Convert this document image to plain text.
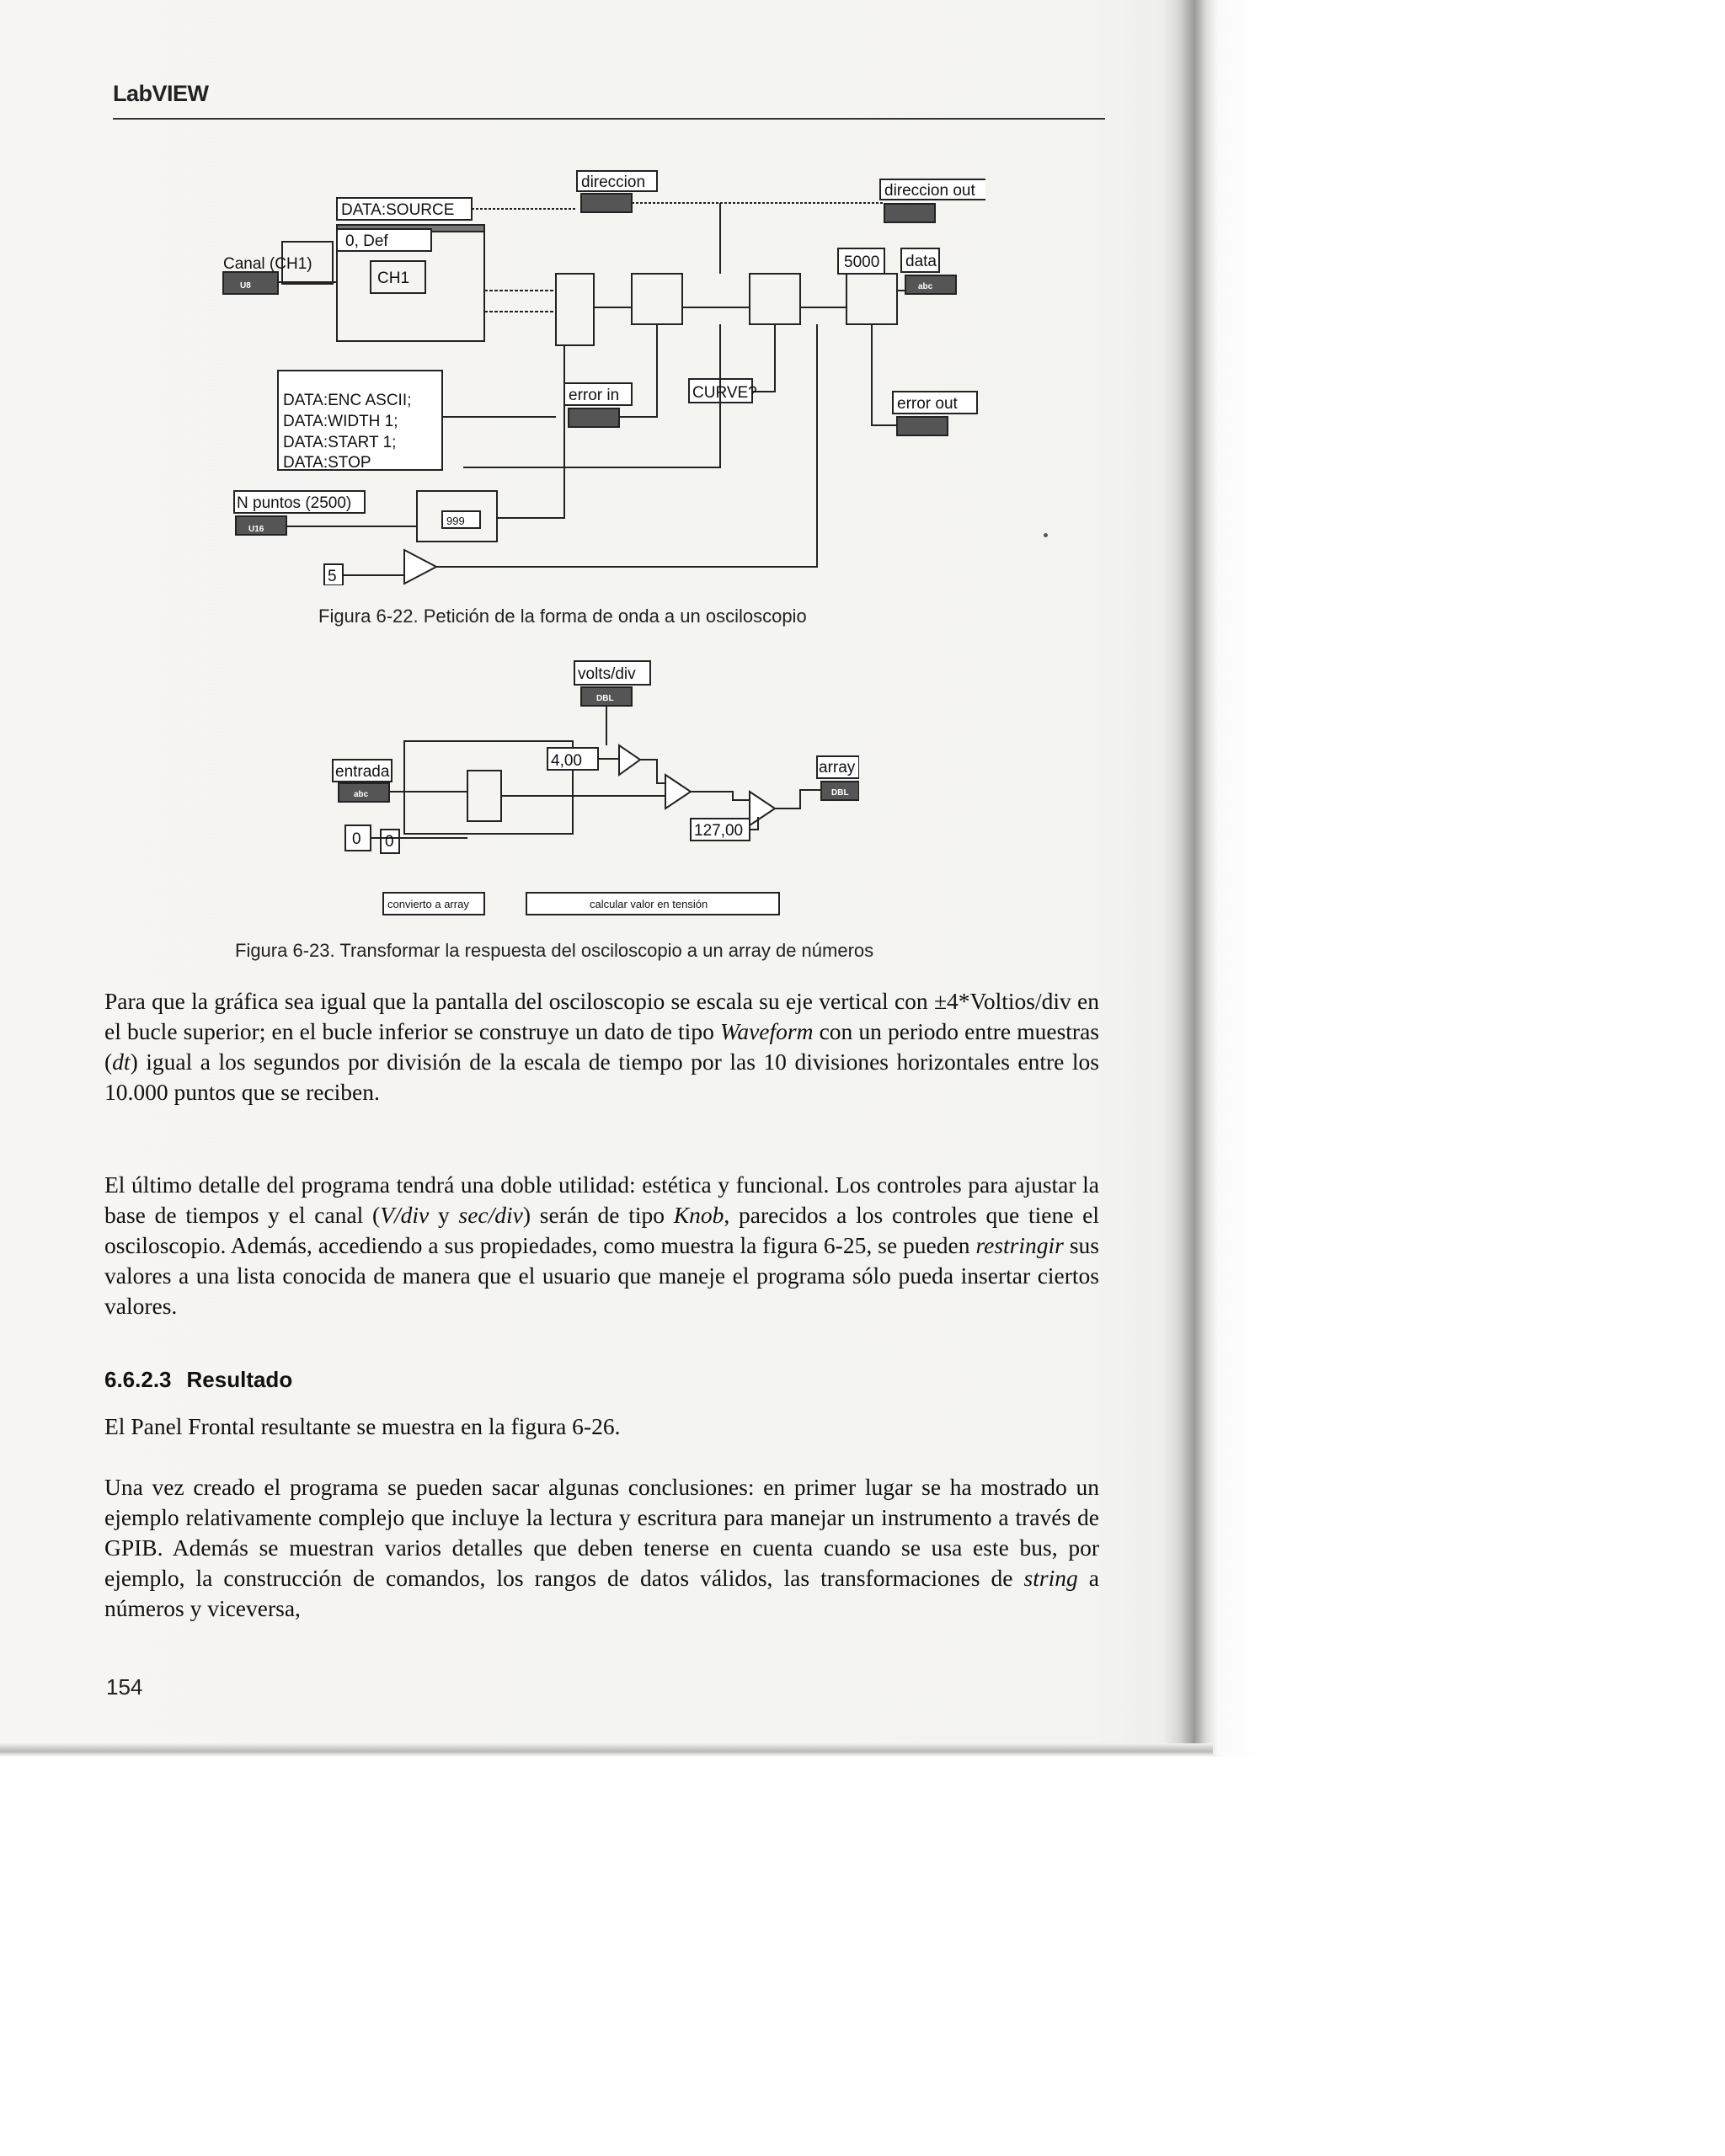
LabVIEW
direccion	direccion out
DATA:SOURCE
0, Def
Canal (CH1)
U8	CH1
5000 data
abc
DATA:ENC ASCII;
DATA:WIDTH 1;
DATA:START 1;
DATA:STOP
error in	CURVE?
error out
N puntos (2500)
U16
999
5
Figura 6-22. Petición de la forma de onda a un osciloscopio
volts/div
DBL
entrada
abc
4,00
127,00
array
DBL
0 0
convierto a array	calcular valor en tensión
Figura 6-23. Transformar la respuesta del osciloscopio a un array de números

Para que la gráfica sea igual que la pantalla del osciloscopio se escala su eje vertical con ±4*Voltios/div en el bucle superior; en el bucle inferior se construye un dato de tipo Waveform con un periodo entre muestras (dt) igual a los segundos por división de la escala de tiempo por las 10 divisiones horizontales entre los 10.000 puntos que se reciben.

El último detalle del programa tendrá una doble utilidad: estética y funcional. Los controles para ajustar la base de tiempos y el canal (V/div y sec/div) serán de tipo Knob, parecidos a los controles que tiene el osciloscopio. Además, accediendo a sus propiedades, como muestra la figura 6-25, se pueden restringir sus valores a una lista conocida de manera que el usuario que maneje el programa sólo pueda insertar ciertos valores.

6.6.2.3 Resultado

El Panel Frontal resultante se muestra en la figura 6-26.

Una vez creado el programa se pueden sacar algunas conclusiones: en primer lugar se ha mostrado un ejemplo relativamente complejo que incluye la lectura y escritura para manejar un instrumento a través de GPIB. Además se muestran varios detalles que deben tenerse en cuenta cuando se usa este bus, por ejemplo, la construcción de comandos, los rangos de datos válidos, las transformaciones de string a números y viceversa,

154
